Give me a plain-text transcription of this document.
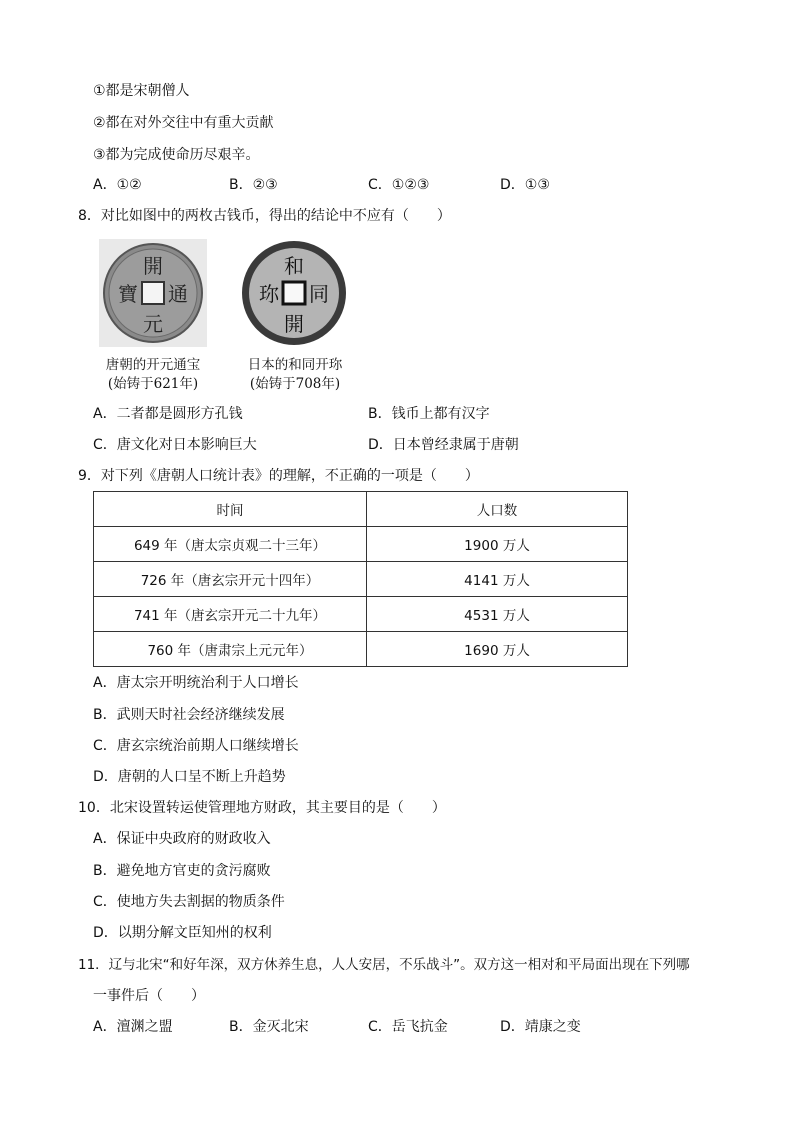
①都是宋朝僧人
②都在对外交往中有重大贡献
③都为完成使命历尽艰辛。
A．①②	B．②③	C．①②③	D．①③
8．对比如图中的两枚古钱币，得出的结论中不应有（　　）
開
通
元
寶
唐朝的开元通宝
(始铸于621年)
和
同
開
珎
日本的和同开珎
(始铸于708年)
A．二者都是圆形方孔钱	B．钱币上都有汉字
C．唐文化对日本影响巨大	D．日本曾经隶属于唐朝
9．对下列《唐朝人口统计表》的理解，不正确的一项是（　　）
时间	人口数
649 年（唐太宗贞观二十三年）	1900 万人
726 年（唐玄宗开元十四年）	4141 万人
741 年（唐玄宗开元二十九年）	4531 万人
760 年（唐肃宗上元元年）	1690 万人
A．唐太宗开明统治利于人口增长
B．武则天时社会经济继续发展
C．唐玄宗统治前期人口继续增长
D．唐朝的人口呈不断上升趋势
10．北宋设置转运使管理地方财政，其主要目的是（　　）
A．保证中央政府的财政收入
B．避免地方官吏的贪污腐败
C．使地方失去割据的物质条件
D．以期分解文臣知州的权利
11．辽与北宋“和好年深，双方休养生息，人人安居，不乐战斗”。双方这一相对和平局面出现在下列哪
一事件后（　　）
A．澶渊之盟	B．金灭北宋	C．岳飞抗金	D．靖康之变
